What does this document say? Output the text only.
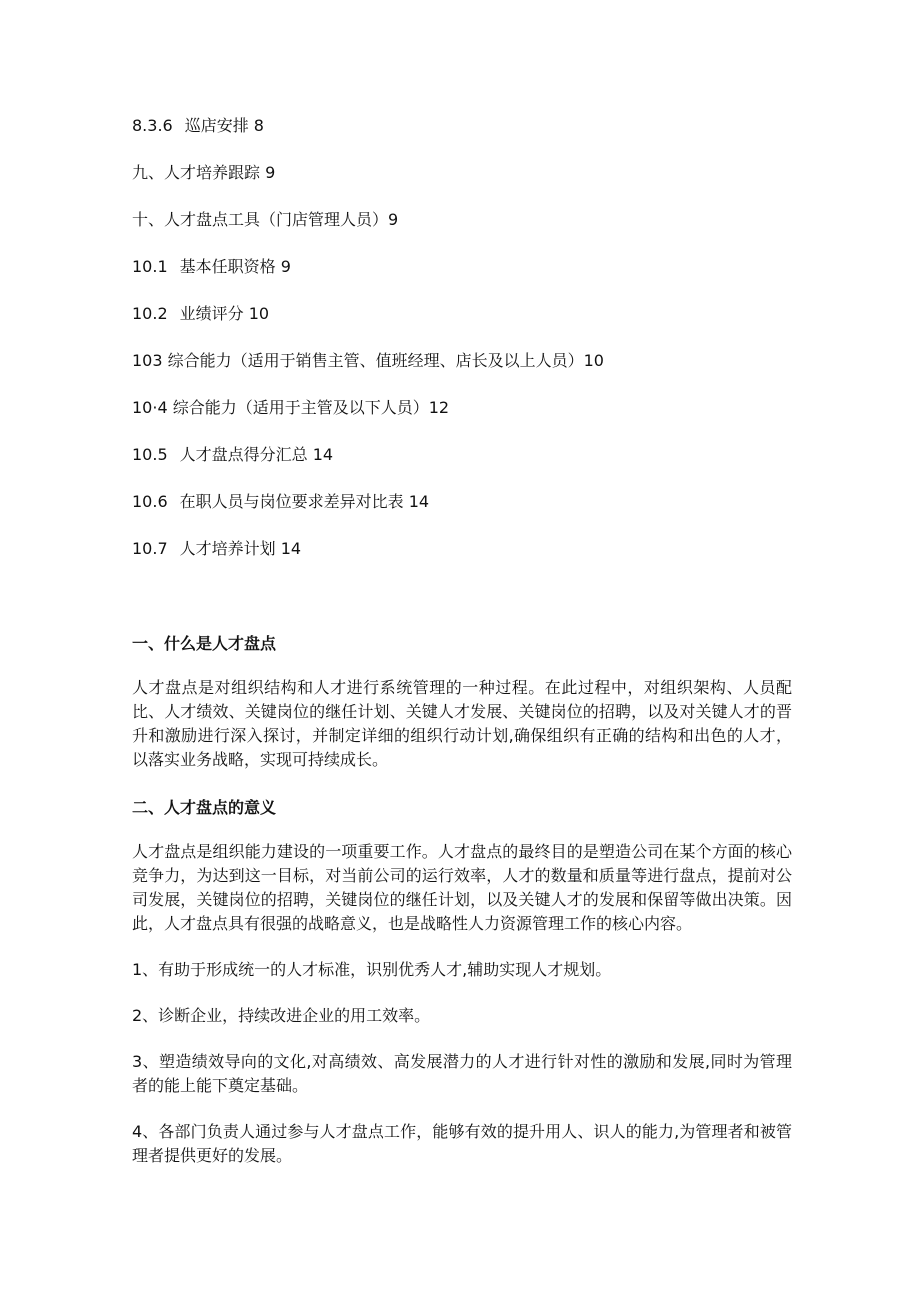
8.3.6 巡店安排 8
九、人才培养跟踪 9
十、人才盘点工具（门店管理人员）9
10.1 基本任职资格 9
10.2 业绩评分 10
103 综合能力（适用于销售主管、值班经理、店长及以上人员）10
10·4 综合能力（适用于主管及以下人员）12
10.5 人才盘点得分汇总 14
10.6 在职人员与岗位要求差异对比表 14
10.7 人才培养计划 14
一、什么是人才盘点

人才盘点是对组织结构和人才进行系统管理的一种过程。在此过程中，对组织架构、人员配比、人才绩效、关键岗位的继任计划、关键人才发展、关键岗位的招聘，以及对关键人才的晋升和激励进行深入探讨，并制定详细的组织行动计划,确保组织有正确的结构和出色的人才，以落实业务战略，实现可持续成长。

二、人才盘点的意义

人才盘点是组织能力建设的一项重要工作。人才盘点的最终目的是塑造公司在某个方面的核心竞争力，为达到这一目标，对当前公司的运行效率，人才的数量和质量等进行盘点，提前对公司发展，关键岗位的招聘，关键岗位的继任计划，以及关键人才的发展和保留等做出决策。因此，人才盘点具有很强的战略意义，也是战略性人力资源管理工作的核心内容。

1、有助于形成统一的人才标准，识别优秀人才,辅助实现人才规划。

2、诊断企业，持续改进企业的用工效率。

3、塑造绩效导向的文化,对高绩效、高发展潜力的人才进行针对性的激励和发展,同时为管理者的能上能下奠定基础。

4、各部门负责人通过参与人才盘点工作，能够有效的提升用人、识人的能力,为管理者和被管理者提供更好的发展。
